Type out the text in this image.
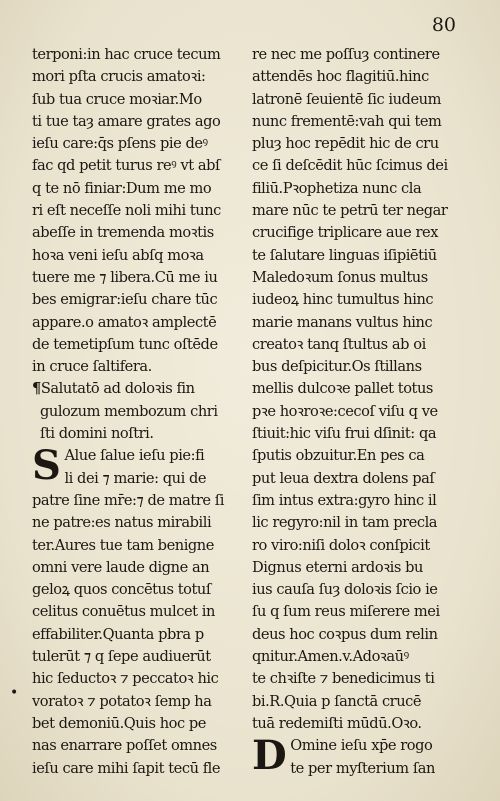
80
terponi:in hac cruce tecum
mori pſta crucis amatoꝛi:
ſub tua cruce moꝛiar.Mo
ti tue taȝ amare grates ago
ieſu care:q̄s pſens pie deꝰ
fac qd petit turus reꝰ vt abſ
q te nō finiar:Dum me mo
ri eſt neceſſe noli mihi tunc
abeſſe in tremenda moꝛtis
hoꝛa veni ieſu abſq moꝛa
tuere me ⁊ libera.Cū me iu
bes emigrar:ieſu chare tūc
appare.o amatoꝛ amplectē
de temetipſum tunc oſtēde
in cruce ſaltifera.
¶Salutatō ad doloꝛis fin
gulozum membozum chri
ſti domini noſtri.
S Alue ſalue ieſu pie:fi
li dei ⁊ marie: qui de
patre ſine mr̄e:⁊ de matre ſi
ne patre:es natus mirabili
ter.Aures tue tam benigne
omni vere laude digne an
geloꝝ quos concētus totuſ
celitus conuētus mulcet in
effabiliter.Quanta pbra p
tulerūt ⁊ q ſepe audiuerūt
hic ſeductoꝛ ⁊ peccatoꝛ hic
voratoꝛ ⁊ potatoꝛ ſemp ha
bet demoniū.Quis hoc pe
nas enarrare poſſet omnes
ieſu care mihi ſapit tecū fle
•
re nec me poſſuȝ continere
attendēs hoc flagitiū.hinc
latronē ſeuientē ſic iudeum
nunc frementē:vah qui tem
pluȝ hoc repēdit hic de cru
ce ſi deſcēdit hūc ſcimus dei
filiū.Pꝛophetiza nunc cla
mare nūc te petrū ter negar
crucifige triplicare aue rex
te ſalutare linguas iſipiētiū
Maledoꝛum ſonus multus
iudeoꝝ hinc tumultus hinc
marie manans vultus hinc
creatoꝛ tanq ſtultus ab oi
bus deſpicitur.Os ſtillans
mellis dulcoꝛe pallet totus
pꝛe hoꝛroꝛe:cecoſ viſu q ve
ſtiuit:hic viſu frui dſinit: qa
ſputis obzuitur.En pes ca
put leua dextra dolens paſ
ſim intus extra:gyro hinc il
lic regyro:nil in tam precla
ro viro:niſi doloꝛ conſpicit
Dignus eterni ardoꝛis bu
ius cauſa ſuȝ doloꝛis ſcio ie
ſu q ſum reus miſerere mei
deus hoc coꝛpus dum relin
qnitur.Amen.v.Adoꝛaūꝰ
te chꝛiſte ⁊ benedicimus ti
bi.R.Quia p ſanctā crucē
tuā redemiſti mūdū.Oꝛo.
D Omine ieſu xp̄e rogo
te per myſterium ſan
